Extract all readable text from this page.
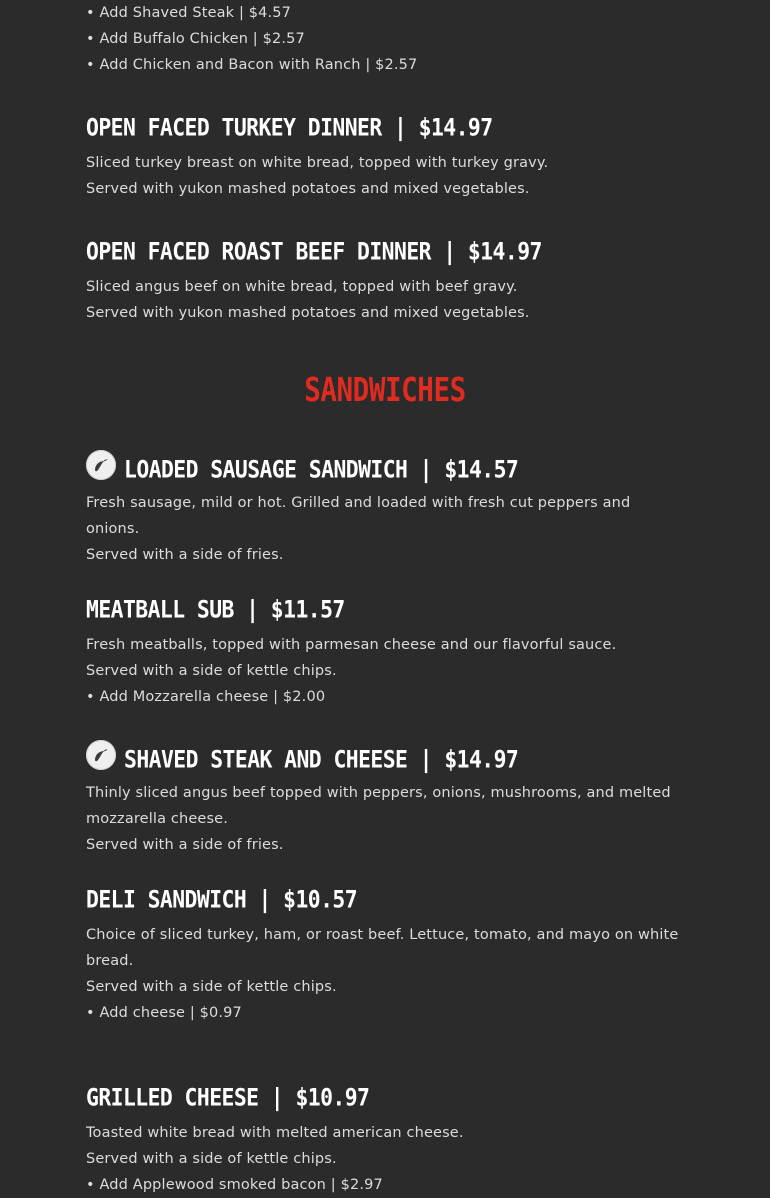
• Add Shaved Steak | $4.57

• Add Buffalo Chicken | $2.57

• Add Chicken and Bacon with Ranch | $2.57

OPEN FACED TURKEY DINNER | $14.97

Sliced turkey breast on white bread, topped with turkey gravy.

Served with yukon mashed potatoes and mixed vegetables.

OPEN FACED ROAST BEEF DINNER | $14.97

Sliced angus beef on white bread, topped with beef gravy.

Served with yukon mashed potatoes and mixed vegetables.

SANDWICHES
LOADED SAUSAGE SANDWICH | $14.57

Fresh sausage, mild or hot. Grilled and loaded with fresh cut peppers and onions.

Served with a side of fries.

MEATBALL SUB | $11.57

Fresh meatballs, topped with parmesan cheese and our flavorful sauce.

Served with a side of kettle chips.

• Add Mozzarella cheese | $2.00

SHAVED STEAK AND CHEESE | $14.97

Thinly sliced angus beef topped with peppers, onions, mushrooms, and melted

mozzarella cheese.

Served with a side of fries.

DELI SANDWICH | $10.57

Choice of sliced turkey, ham, or roast beef. Lettuce, tomato, and mayo on white bread.

Served with a side of kettle chips.

• Add cheese | $0.97

GRILLED CHEESE | $10.97

Toasted white bread with melted american cheese.

Served with a side of kettle chips.

• Add Applewood smoked bacon | $2.97
